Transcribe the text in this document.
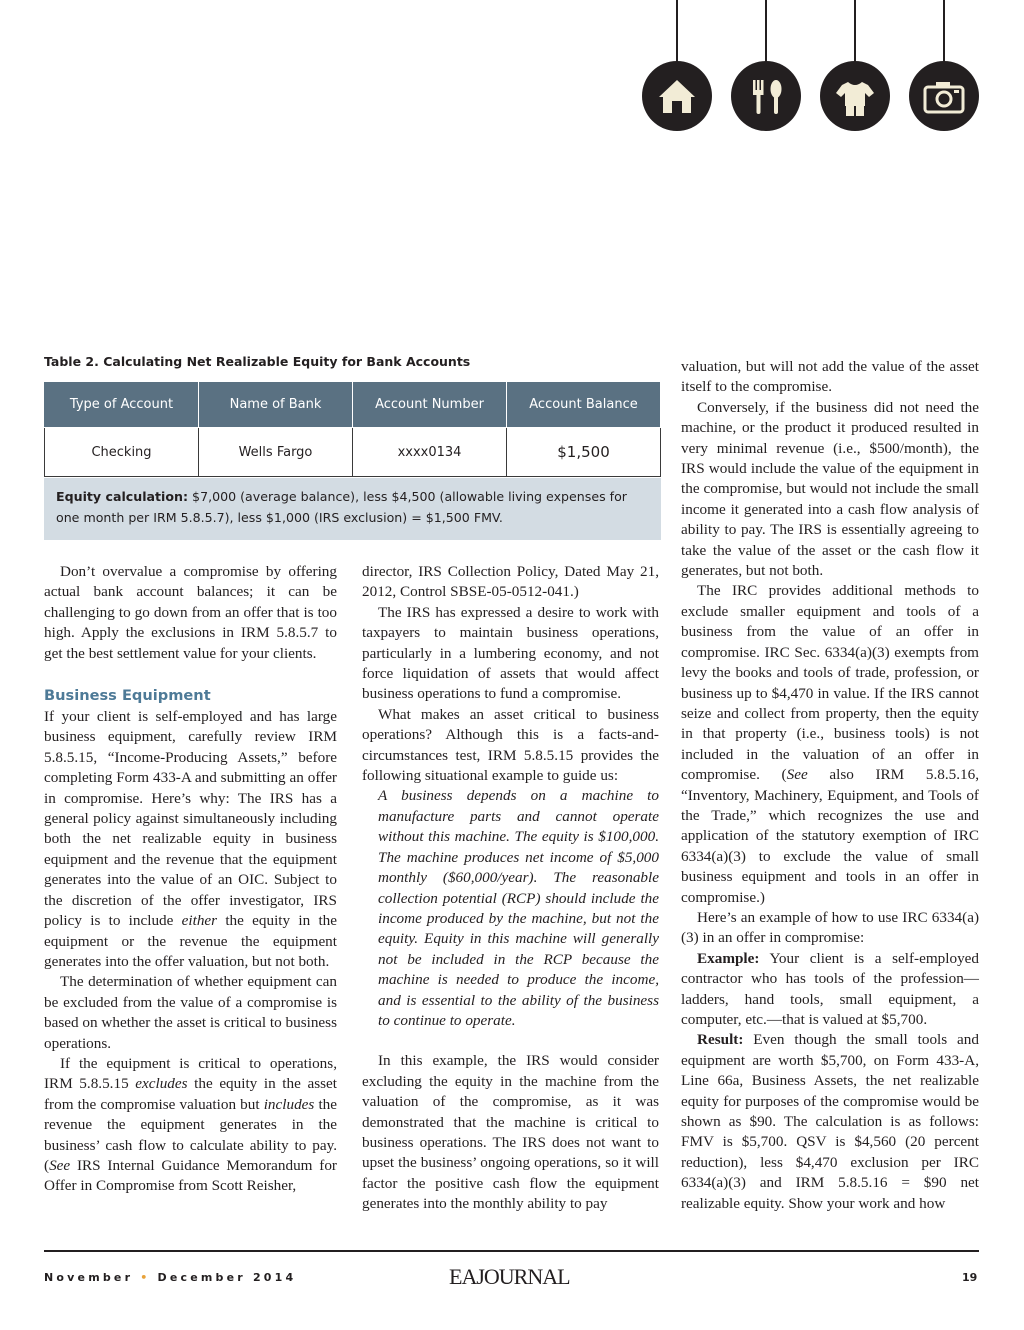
Table 2. Calculating Net Realizable Equity for Bank Accounts
Type of Account	Name of Bank	Account Number	Account Balance
Checking	Wells Fargo	xxxx0134	$1,500
Equity calculation: $7,000 (average balance), less $4,500 (allowable living expenses for one month per IRM 5.8.5.7), less $1,000 (IRS exclusion) = $1,500 FMV.

Don’t overvalue a compromise by offering actual bank account balances; it can be challenging to go down from an offer that is too high. Apply the exclusions in IRM 5.8.5.7 to get the best settlement value for your clients.

Business Equipment

If your client is self-employed and has large business equipment, carefully review IRM 5.8.5.15, “Income-Producing Assets,” before completing Form 433-A and submitting an offer in compromise. Here’s why: The IRS has a general policy against simultaneously including both the net realizable equity in business equipment and the revenue that the equipment generates into the value of an OIC. Subject to the discretion of the offer investigator, IRS policy is to include either the equity in the equipment or the revenue the equipment generates into the offer valuation, but not both.

The determination of whether equipment can be excluded from the value of a compromise is based on whether the asset is critical to business operations.

If the equipment is critical to operations, IRM 5.8.5.15 excludes the equity in the asset from the compromise valuation but includes the revenue the equipment generates in the business’ cash flow to calculate ability to pay. (See IRS Internal Guidance Memorandum for Offer in Compromise from Scott Reisher,

director, IRS Collection Policy, Dated May 21, 2012, Control SBSE-05-0512-041.)

The IRS has expressed a desire to work with taxpayers to maintain business operations, particularly in a lumbering economy, and not force liquidation of assets that would affect business operations to fund a compromise.

What makes an asset critical to business operations? Although this is a facts-and-circumstances test, IRM 5.8.5.15 provides the following situational example to guide us:

A business depends on a machine to manufacture parts and cannot operate without this machine. The equity is $100,000. The machine produces net income of $5,000 monthly ($60,000/year). The reasonable collection potential (RCP) should include the income produced by the machine, but not the equity. Equity in this machine will generally not be included in the RCP because the machine is needed to produce the income, and is essential to the ability of the business to continue to operate.

In this example, the IRS would consider excluding the equity in the machine from the valuation of the compromise, as it was demonstrated that the machine is critical to business operations. The IRS does not want to upset the business’ ongoing operations, so it will factor the positive cash flow the equipment generates into the monthly ability to pay

valuation, but will not add the value of the asset itself to the compromise.

Conversely, if the business did not need the machine, or the product it produced resulted in very minimal revenue (i.e., $500/month), the IRS would include the value of the equipment in the compromise, but would not include the small income it generated into a cash flow analysis of ability to pay. The IRS is essentially agreeing to take the value of the asset or the cash flow it generates, but not both.

The IRC provides additional methods to exclude smaller equipment and tools of a business from the value of an offer in compromise. IRC Sec. 6334(a)(3) exempts from levy the books and tools of trade, profession, or business up to $4,470 in value. If the IRS cannot seize and collect from property, then the equity in that property (i.e., business tools) is not included in the valuation of an offer in compromise. (See also IRM 5.8.5.16, “Inventory, Machinery, Equipment, and Tools of the Trade,” which recognizes the use and application of the statutory exemption of IRC 6334(a)(3) to exclude the value of small business equipment and tools in an offer in compromise.)

Here’s an example of how to use IRC 6334(a)(3) in an offer in compromise:

Example: Your client is a self-employed contractor who has tools of the profession—ladders, hand tools, small equipment, a computer, etc.—that is valued at $5,700.

Result: Even though the small tools and equipment are worth $5,700, on Form 433-A, Line 66a, Business Assets, the net realizable equity for purposes of the compromise would be shown as $90. The calculation is as follows: FMV is $5,700. QSV is $4,560 (20 percent reduction), less $4,470 exclusion per IRC 6334(a)(3) and IRM 5.8.5.16 = $90 net realizable equity. Show your work and how

November • December 2014	EAJOURNAL	19
